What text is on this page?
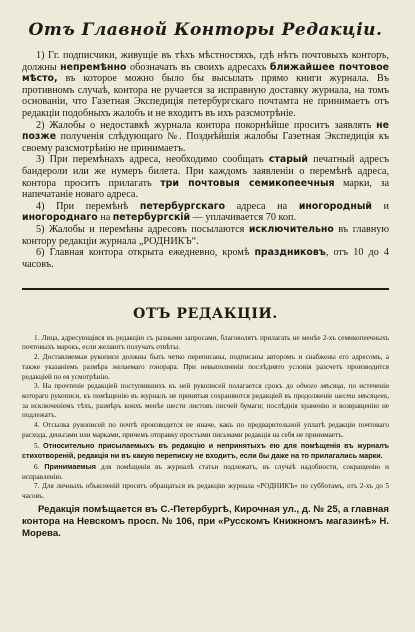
Отъ Главной Конторы Редакціи.

1) Гг. подписчики, живущіе въ тѣхъ мѣстностяхъ, гдѣ нѣтъ почтовыхъ конторъ, должны непремѣнно обозначать въ своихъ адресахъ ближайшее почтовое мѣсто, въ которое можно было бы высылать прямо книги журнала. Въ противномъ случаѣ, контора не ручается за исправную доставку журнала, на томъ основаніи, что Газетная Экспедиція петербургскаго почтамта не принимаетъ отъ редакціи подобныхъ жалобъ и не входитъ въ ихъ разсмотрѣніе.

2) Жалобы о недоставкѣ журнала контора покорнѣйше проситъ заявлять не позже полученія слѣдующаго №. Позднѣйшія жалобы Газетная Экспедиція къ своему разсмотрѣнію не принимаетъ.

3) При перемѣнахъ адреса, необходимо сообщать старый печатный адресъ бандероли или же нумеръ билета. При каждомъ заявленіи о перемѣнѣ адреса, контора проситъ прилагать три почтовыя семикопеечныя марки, за напечатаніе новаго адреса.

4) При перемѣнѣ петербургскаго адреса на иногородный и иногороднаго на петербургскій — уплачивается 70 коп.

5) Жалобы и перемѣны адресовъ посылаются исключительно въ главную контору редакціи журнала „РОДНИКЪ“.

6) Главная контора открыта ежедневно, кромѣ праздниковъ, отъ 10 до 4 часовъ.

ОТЪ РЕДАКЦІИ.

1. Лица, адресующіяся въ редакцію съ разными запросами, благоволятъ прилагать не менѣе 2-хъ семикопеечныхъ почтовыхъ марокъ, если желаютъ получать отвѣты.

2. Доставляемыя рукописи должны быть четко переписаны, подписаны авторомъ и снабжены его адресомъ, а также указаніемъ размѣра желаемаго гонорара. При невыполненіи послѣднято условія разсчетъ производится редакціей по ея усмотрѣнію.

3. На прочтеніе редакціей поступившихъ къ ней рукописей полагается срокъ до одного мѣсяца, по истеченіи котораго рукописи, къ помѣщенію въ журналъ не принятыя сохраняются редакціей въ продолженіе шести мѣсяцевъ, за исключеніемъ тѣхъ, размѣръ коихъ менѣе шести листовъ писчей бумаги; послѣднія храненію и возвращенію не подлежатъ.

4. Отсылка рукописей по почтѣ производится не иначе, какъ по предварительной уплатѣ редакціи почтоваго расхода, деньгами или марками, причемъ отправку простыми письмами редакція на себя не принимаетъ.

5. Относительно присылаемыхъ въ редакцію и непринятыхъ ею для помѣщенія въ журналъ стихотвореній, редакція ни въ какую переписку не входитъ, если бы даже на то прилагались марки.

6. Принимаемыя для помѣщенія въ журналѣ статьи подлежатъ, въ случаѣ надобности, сокращенію и исправленію.

7. Для личныхъ объясненій просятъ обращаться въ редакцію журнала «РОДНИКЪ» по субботамъ, отъ 2-хъ до 5 часовъ.

Редакція помѣщается въ С.-Петербургѣ, Кирочная ул., д. № 25, а главная контора на Невскомъ просп. № 106, при «Русскомъ Книжномъ магазинѣ» Н. Морева.
